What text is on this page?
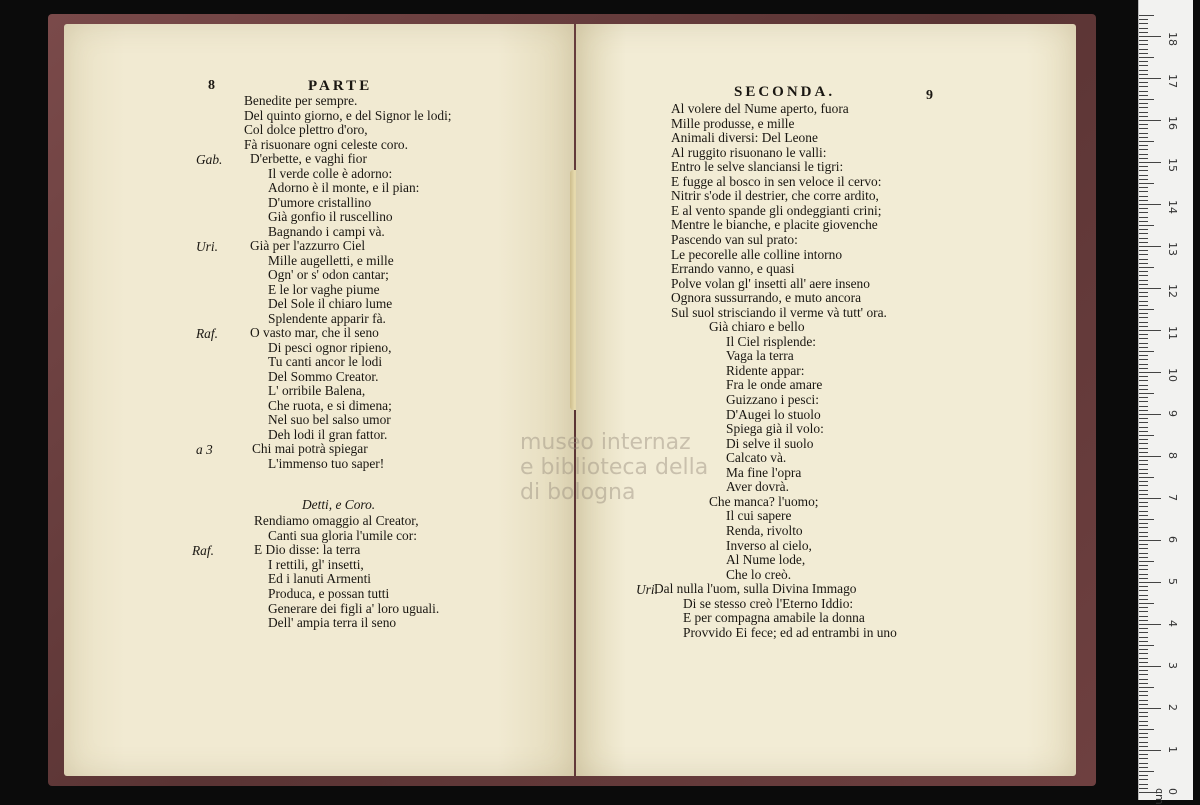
8	PARTE
Benedite per sempre.
Del quinto giorno, e del Signor le lodi;
Col dolce plettro d'oro,
Fà risuonare ogni celeste coro.
Gab. D'erbette, e vaghi fior
Il verde colle è adorno:
Adorno è il monte, e il pian:
D'umore cristallino
Già gonfio il ruscellino
Bagnando i campi và.
Uri. Già per l'azzurro Ciel
Mille augelletti, e mille
Ogn' or s' odon cantar;
E le lor vaghe piume
Del Sole il chiaro lume
Splendente apparir fà.
Raf. O vasto mar, che il seno
Di pesci ognor ripieno,
Tu canti ancor le lodi
Del Sommo Creator.
L' orribile Balena,
Che ruota, e si dimena;
Nel suo bel salso umor
Deh lodi il gran fattor.
a 3	Chi mai potrà spiegar
L'immenso tuo saper!
Detti, e Coro.
Rendiamo omaggio al Creator,
Canti sua gloria l'umile cor:
Raf.	E Dio disse: la terra
I rettili, gl' insetti,
Ed i lanuti Armenti
Produca, e possan tutti
Generare dei figli a' loro uguali.
Dell' ampia terra il seno
SECONDA.	9
Al volere del Nume aperto, fuora
Mille produsse, e mille
Animali diversi: Del Leone
Al ruggito risuonano le valli:
Entro le selve slanciansi le tigri:
E fugge al bosco in sen veloce il cervo:
Nitrir s'ode il destrier, che corre ardito,
E al vento spande gli ondeggianti crini;
Mentre le bianche, e placite giovenche
Pascendo van sul prato:
Le pecorelle alle colline intorno
Errando vanno, e quasi
Polve volan gl' insetti all' aere inseno
Ognora sussurrando, e muto ancora
Sul suol strisciando il verme và tutt' ora.
Già chiaro e bello
Il Ciel risplende:
Vaga la terra
Ridente appar:
Fra le onde amare
Guizzano i pesci:
D'Augei lo stuolo
Spiega già il volo:
Di selve il suolo
Calcato và.
Ma fine l'opra
Aver dovrà.
Che manca? l'uomo;
Il cui sapere
Renda, rivolto
Inverso al cielo,
Al Nume lode,
Che lo creò.
Uri.
Dal nulla l'uom, sulla Divina Immago
Di se stesso creò l'Eterno Iddio:
E per compagna amabile la donna
Provvido Ei fece; ed ad entrambi in uno
museo internaz
e biblioteca della
di bologna
0 cm
1
2
3
4
5
6
7
8
9
10
11
12
13
14
15
16
17
18
